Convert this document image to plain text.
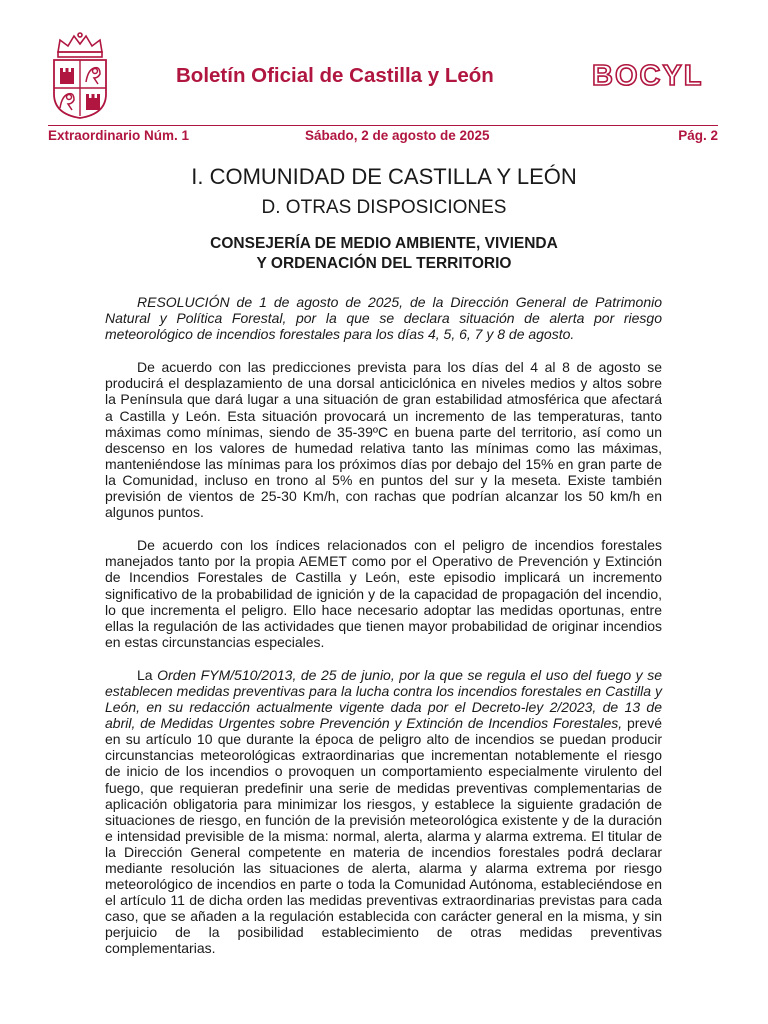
Boletín Oficial de Castilla y León	BOCYL
Extraordinario Núm. 1	Sábado, 2 de agosto de 2025	Pág. 2
I. COMUNIDAD DE CASTILLA Y LEÓN
D. OTRAS DISPOSICIONES
CONSEJERÍA DE MEDIO AMBIENTE, VIVIENDA
Y ORDENACIÓN DEL TERRITORIO

RESOLUCIÓN de 1 de agosto de 2025, de la Dirección General de Patrimonio Natural y Política Forestal, por la que se declara situación de alerta por riesgo meteorológico de incendios forestales para los días 4, 5, 6, 7 y 8 de agosto.

De acuerdo con las predicciones prevista para los días del 4 al 8 de agosto se producirá el desplazamiento de una dorsal anticiclónica en niveles medios y altos sobre la Península que dará lugar a una situación de gran estabilidad atmosférica que afectará a Castilla y León. Esta situación provocará un incremento de las temperaturas, tanto máximas como mínimas, siendo de 35-39ºC en buena parte del territorio, así como un descenso en los valores de humedad relativa tanto las mínimas como las máximas, manteniéndose las mínimas para los próximos días por debajo del 15% en gran parte de la Comunidad, incluso en trono al 5% en puntos del sur y la meseta. Existe también previsión de vientos de 25-30 Km/h, con rachas que podrían alcanzar los 50 km/h en algunos puntos.

De acuerdo con los índices relacionados con el peligro de incendios forestales manejados tanto por la propia AEMET como por el Operativo de Prevención y Extinción de Incendios Forestales de Castilla y León, este episodio implicará un incremento significativo de la probabilidad de ignición y de la capacidad de propagación del incendio, lo que incrementa el peligro. Ello hace necesario adoptar las medidas oportunas, entre ellas la regulación de las actividades que tienen mayor probabilidad de originar incendios en estas circunstancias especiales.

La Orden FYM/510/2013, de 25 de junio, por la que se regula el uso del fuego y se establecen medidas preventivas para la lucha contra los incendios forestales en Castilla y León, en su redacción actualmente vigente dada por el Decreto-ley 2/2023, de 13 de abril, de Medidas Urgentes sobre Prevención y Extinción de Incendios Forestales, prevé en su artículo 10 que durante la época de peligro alto de incendios se puedan producir circunstancias meteorológicas extraordinarias que incrementan notablemente el riesgo de inicio de los incendios o provoquen un comportamiento especialmente virulento del fuego, que requieran predefinir una serie de medidas preventivas complementarias de aplicación obligatoria para minimizar los riesgos, y establece la siguiente gradación de situaciones de riesgo, en función de la previsión meteorológica existente y de la duración e intensidad previsible de la misma: normal, alerta, alarma y alarma extrema. El titular de la Dirección General competente en materia de incendios forestales podrá declarar mediante resolución las situaciones de alerta, alarma y alarma extrema por riesgo meteorológico de incendios en parte o toda la Comunidad Autónoma, estableciéndose en el artículo 11 de dicha orden las medidas preventivas extraordinarias previstas para cada caso, que se añaden a la regulación establecida con carácter general en la misma, y sin perjuicio de la posibilidad establecimiento de otras medidas preventivas complementarias.
